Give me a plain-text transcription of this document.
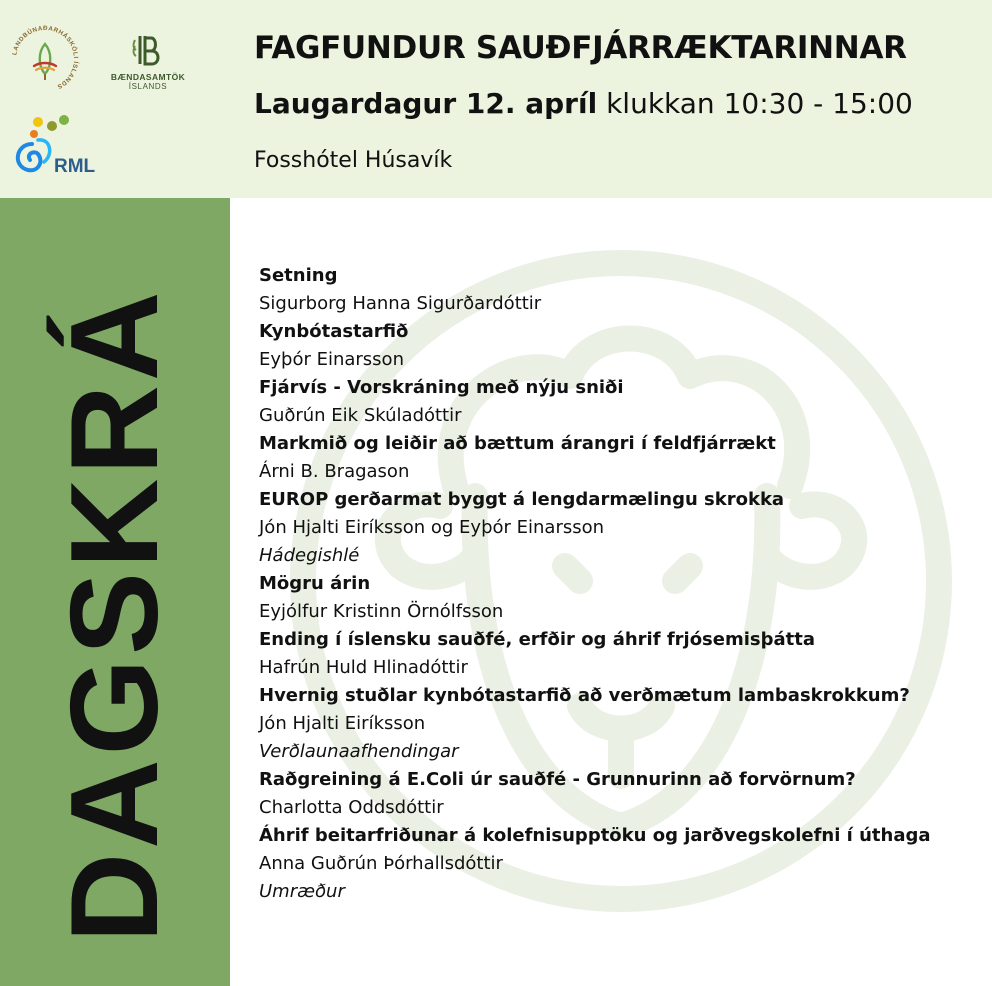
LANDBÚNAÐARHÁSKÓLI ÍSLANDS
BÆNDASAMTÖK
ÍSLANDS
RML
FAGFUNDUR SAUÐFJÁRRÆKTARINNAR

Laugardagur 12. apríl klukkan 10:30 - 15:00

Fosshótel Húsavík

DAGSKRÁ
Setning
Sigurborg Hanna Sigurðardóttir
Kynbótastarfið
Eyþór Einarsson
Fjárvís - Vorskráning með nýju sniði
Guðrún Eik Skúladóttir
Markmið og leiðir að bættum árangri í feldfjárrækt
Árni B. Bragason
EUROP gerðarmat byggt á lengdarmælingu skrokka
Jón Hjalti Eiríksson og Eyþór Einarsson
Hádegishlé
Mögru árin
Eyjólfur Kristinn Örnólfsson
Ending í íslensku sauðfé, erfðir og áhrif frjósemisþátta
Hafrún Huld Hlinadóttir
Hvernig stuðlar kynbótastarfið að verðmætum lambaskrokkum?
Jón Hjalti Eiríksson
Verðlaunaafhendingar
Raðgreining á E.Coli úr sauðfé - Grunnurinn að forvörnum?
Charlotta Oddsdóttir
Áhrif beitarfriðunar á kolefnisupptöku og jarðvegskolefni í úthaga
Anna Guðrún Þórhallsdóttir
Umræður
